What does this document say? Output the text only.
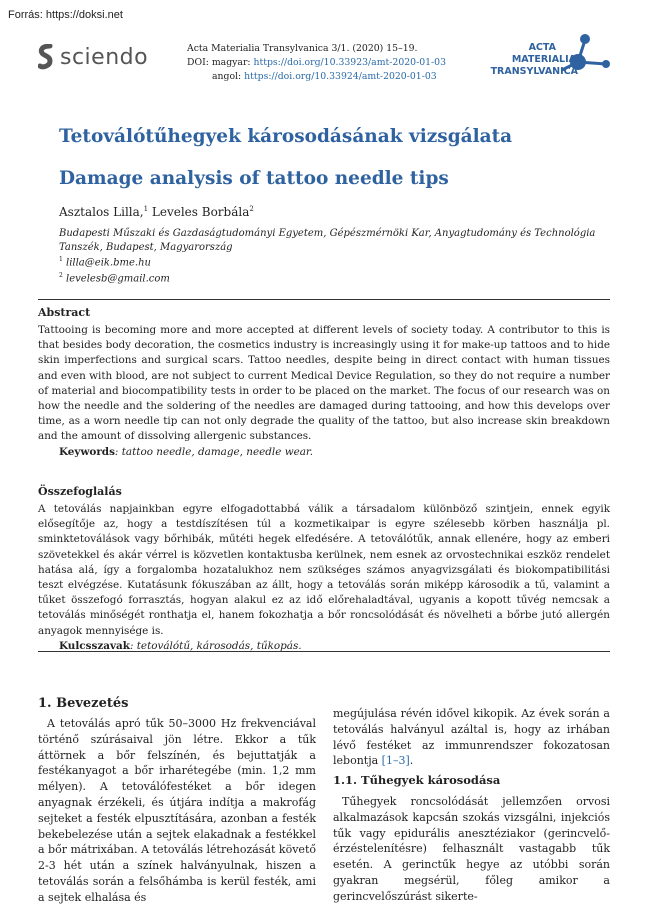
Forrás: https://doksi.net
sciendo	Acta Materialia Transylvanica 3/1. (2020) 15–19.
DOI: magyar: https://doi.org/10.33923/amt-2020-01-03
angol: https://doi.org/10.33924/amt-2020-01-03
ACTA
MATERIALIA
TRANSYLVANICA
Tetoválótűhegyek károsodásának vizsgálata
Damage analysis of tattoo needle tips
Asztalos Lilla,$^1$ Leveles Borbála$^2$
Budapesti Műszaki és Gazdaságtudományi Egyetem, Gépészmérnöki Kar, Anyagtudomány és Technológia Tanszék, Budapest, Magyarország
$^1$ lilla@eik.bme.hu
$^2$ levelesb@gmail.com
Abstract
Tattooing is becoming more and more accepted at different levels of society today. A contributor to this is that besides body decoration, the cosmetics industry is increasingly using it for make-up tattoos and to hide skin imperfections and surgical scars. Tattoo needles, despite being in direct contact with human tissues and even with blood, are not subject to current Medical Device Regulation, so they do not require a number of material and biocompatibility tests in order to be placed on the market. The focus of our research was on how the needle and the soldering of the needles are damaged during tattooing, and how this develops over time, as a worn needle tip can not only degrade the quality of the tattoo, but also increase skin breakdown and the amount of dissolving allergenic substances.
Keywords: tattoo needle, damage, needle wear.
Összefoglalás
A tetoválás napjainkban egyre elfogadottabbá válik a társadalom különböző szintjein, ennek egyik elősegítője az, hogy a testdíszítésen túl a kozmetikaipar is egyre szélesebb körben használja pl. sminktetoválások vagy bőrhibák, műtéti hegek elfedésére. A tetoválótűk, annak ellenére, hogy az emberi szövetekkel és akár vérrel is közvetlen kontaktusba kerülnek, nem esnek az orvostechnikai eszköz rendelet hatása alá, így a forgalomba hozatalukhoz nem szükséges számos anyagvizsgálati és biokompatibilitási teszt elvégzése. Kutatásunk fókuszában az állt, hogy a tetoválás során miképp károsodik a tű, valamint a tűket összefogó forrasztás, hogyan alakul ez az idő előrehaladtával, ugyanis a kopott tűvég nemcsak a tetoválás minőségét ronthatja el, hanem fokozhatja a bőr roncsolódását és növelheti a bőrbe jutó allergén anyagok mennyisége is.
Kulcsszavak: tetoválótű, károsodás, tűkopás.
1. Bevezetés
A tetoválás apró tűk 50–3000 Hz frekvenciával történő szúrásaival jön létre. Ekkor a tűk áttörnek a bőr felszínén, és bejuttatják a festékanyagot a bőr irharétegébe (min. 1,2 mm mélyen). A tetoválófestéket a bőr idegen anyagnak érzékeli, és útjára indítja a makrofág sejteket a festék elpusztítására, azonban a festék bekebelezése után a sejtek elakadnak a festékkel a bőr mátrixában. A tetoválás létrehozását követő 2-3 hét után a színek halványulnak, hiszen a tetoválás során a felsőhámba is kerül festék, ami a sejtek elhalása és
megújulása révén idővel kikopik. Az évek során a tetoválás halványul azáltal is, hogy az irhában lévő festéket az immunrendszer fokozatosan lebontja [1–3].
1.1. Tűhegyek károsodása
Tűhegyek roncsolódását jellemzően orvosi alkalmazások kapcsán szokás vizsgálni, injekciós tűk vagy epidurális anesztéziakor (gerincvelő-érzéstelenítésre) felhasznált vastagabb tűk esetén. A gerinctűk hegye az utóbbi során gyakran megsérül, főleg amikor a gerincvelőszúrást sikerte-
